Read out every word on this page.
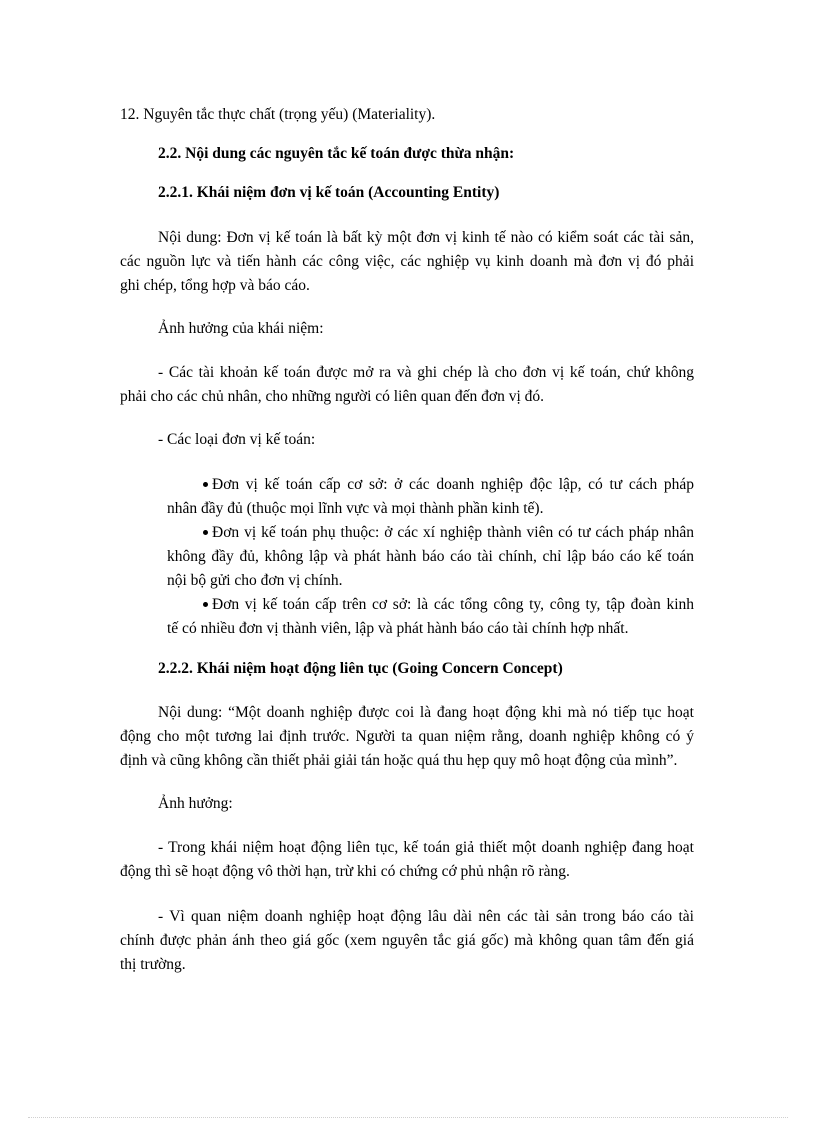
12. Nguyên tắc thực chất (trọng yếu) (Materiality).
2.2. Nội dung các nguyên tắc kế toán được thừa nhận:
2.2.1. Khái niệm đơn vị kế toán (Accounting Entity)
Nội dung: Đơn vị kế toán là bất kỳ một đơn vị kinh tế nào có kiểm soát các tài sản,
các nguồn lực và tiến hành các công việc, các nghiệp vụ kinh doanh mà đơn vị đó phải
ghi chép, tổng hợp và báo cáo.
Ảnh hưởng của khái niệm:
- Các tài khoản kế toán được mở ra và ghi chép là cho đơn vị kế toán, chứ không
phải cho các chủ nhân, cho những người có liên quan đến đơn vị đó.
- Các loại đơn vị kế toán:
Đơn vị kế toán cấp cơ sở: ở các doanh nghiệp độc lập, có tư cách pháp
nhân đầy đủ (thuộc mọi lĩnh vực và mọi thành phần kinh tế).
Đơn vị kế toán phụ thuộc: ở các xí nghiệp thành viên có tư cách pháp nhân
không đầy đủ, không lập và phát hành báo cáo tài chính, chỉ lập báo cáo kế toán
nội bộ gửi cho đơn vị chính.
Đơn vị kế toán cấp trên cơ sở: là các tổng công ty, công ty, tập đoàn kinh
tế có nhiều đơn vị thành viên, lập và phát hành báo cáo tài chính hợp nhất.
2.2.2. Khái niệm hoạt động liên tục (Going Concern Concept)
Nội dung: “Một doanh nghiệp được coi là đang hoạt động khi mà nó tiếp tục hoạt
động cho một tương lai định trước. Người ta quan niệm rằng, doanh nghiệp không có ý
định và cũng không cần thiết phải giải tán hoặc quá thu hẹp quy mô hoạt động của mình”.
Ảnh hưởng:
- Trong khái niệm hoạt động liên tục, kế toán giả thiết một doanh nghiệp đang hoạt
động thì sẽ hoạt động vô thời hạn, trừ khi có chứng cớ phủ nhận rõ ràng.
- Vì quan niệm doanh nghiệp hoạt động lâu dài nên các tài sản trong báo cáo tài
chính được phản ánh theo giá gốc (xem nguyên tắc giá gốc) mà không quan tâm đến giá
thị trường.
